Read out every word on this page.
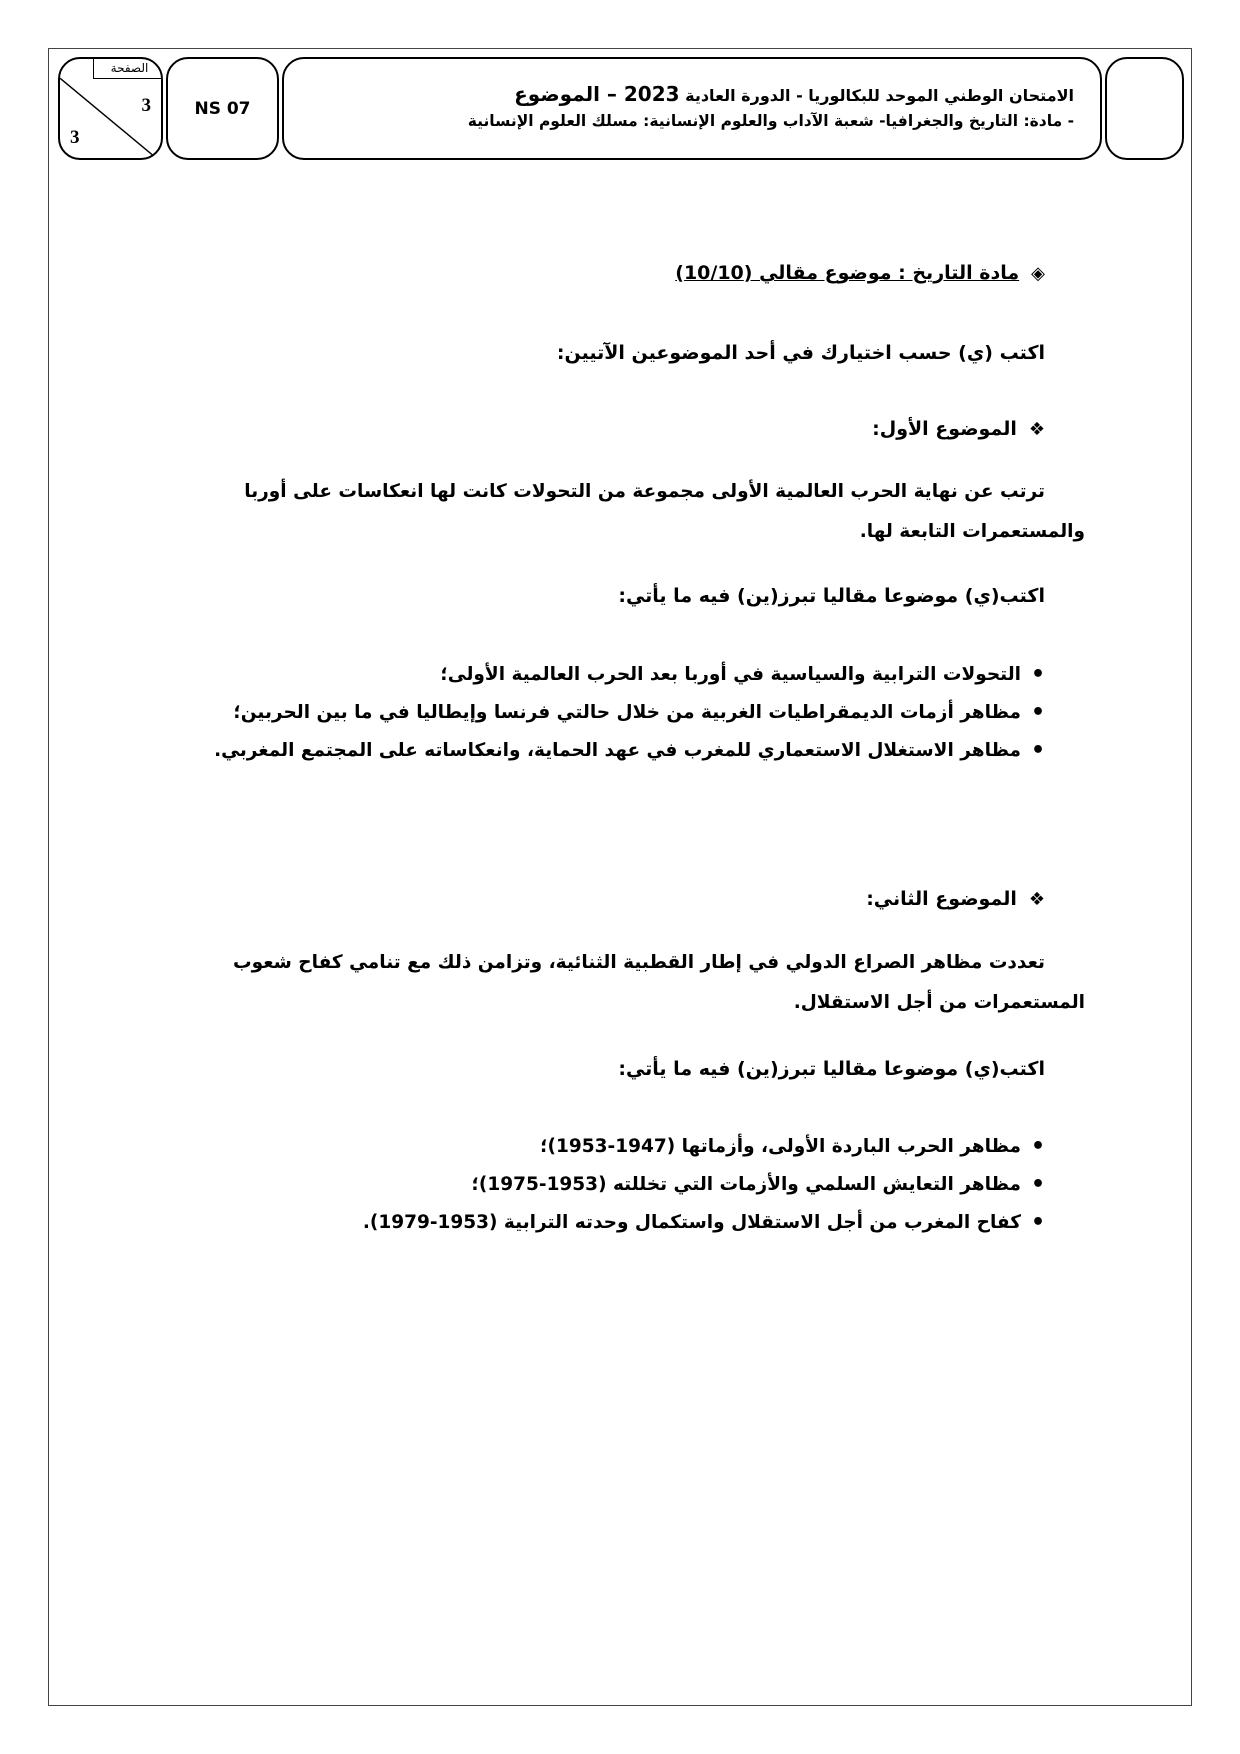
الصفحة
3
3
NS 07
الامتحان الوطني الموحد للبكالوريا - الدورة العادية 2023 – الموضوع
- مادة: التاريخ والجغرافيا- شعبة الآداب والعلوم الإنسانية: مسلك العلوم الإنسانية
◈مادة التاريخ : موضوع مقالي (10/10)
اكتب (ي) حسب اختيارك في أحد الموضوعين الآتيين:
❖الموضوع الأول:
ترتب عن نهاية الحرب العالمية الأولى مجموعة من التحولات كانت لها انعكاسات على أوربا
والمستعمرات التابعة لها.
اكتب(ي) موضوعا مقاليا تبرز(ين) فيه ما يأتي:
• التحولات الترابية والسياسية في أوربا بعد الحرب العالمية الأولى؛
• مظاهر أزمات الديمقراطيات الغربية من خلال حالتي فرنسا وإيطاليا في ما بين الحربين؛
• مظاهر الاستغلال الاستعماري للمغرب في عهد الحماية، وانعكاساته على المجتمع المغربي.
❖الموضوع الثاني:
تعددت مظاهر الصراع الدولي في إطار القطبية الثنائية، وتزامن ذلك مع تنامي كفاح شعوب
المستعمرات من أجل الاستقلال.
اكتب(ي) موضوعا مقاليا تبرز(ين) فيه ما يأتي:
• مظاهر الحرب الباردة الأولى، وأزماتها (1947-1953)؛
• مظاهر التعايش السلمي والأزمات التي تخللته (1953-1975)؛
• كفاح المغرب من أجل الاستقلال واستكمال وحدته الترابية (1953-1979).
